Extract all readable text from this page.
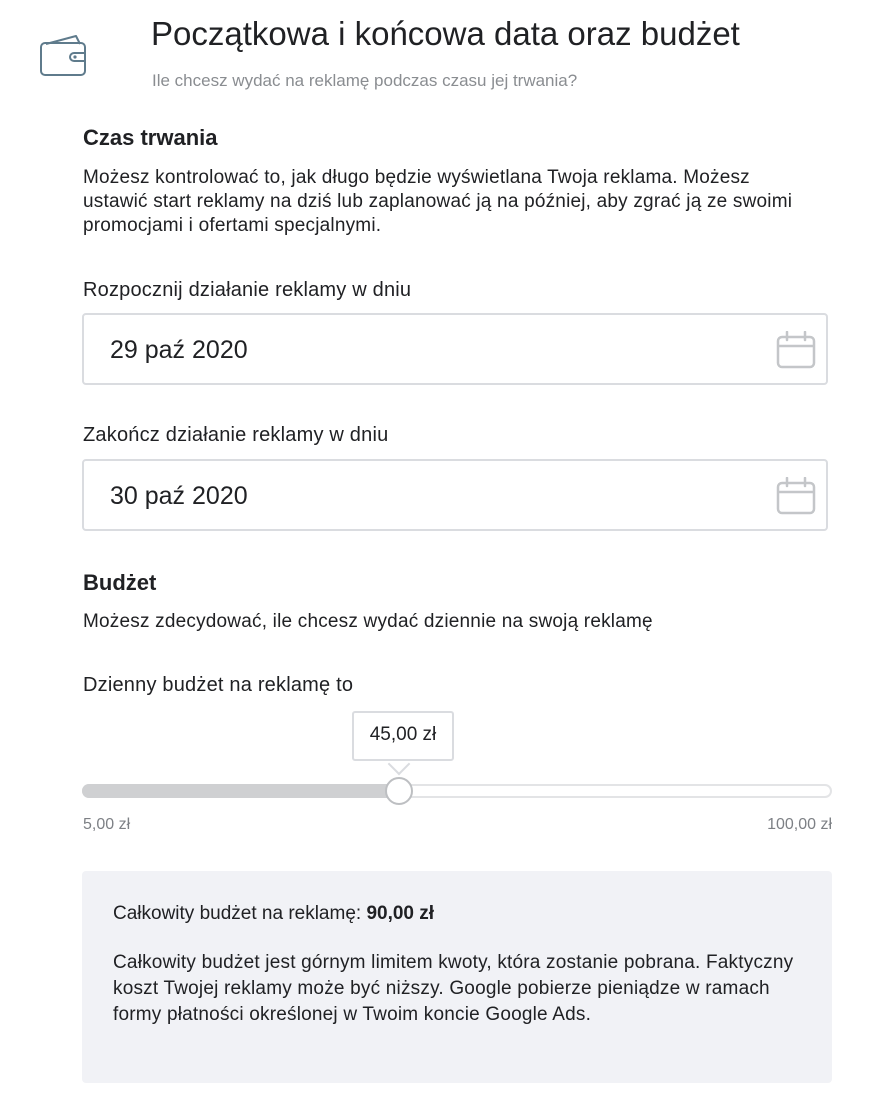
Początkowa i końcowa data oraz budżet
Ile chcesz wydać na reklamę podczas czasu jej trwania?
Czas trwania
Możesz kontrolować to, jak długo będzie wyświetlana Twoja reklama. Możesz ustawić start reklamy na dziś lub zaplanować ją na później, aby zgrać ją ze swoimi promocjami i ofertami specjalnymi.
Rozpocznij działanie reklamy w dniu
29 paź 2020
Zakończ działanie reklamy w dniu
30 paź 2020
Budżet
Możesz zdecydować, ile chcesz wydać dziennie na swoją reklamę
Dzienny budżet na reklamę to
45,00 zł
5,00 zł	100,00 zł
Całkowity budżet na reklamę: 90,00 zł
Całkowity budżet jest górnym limitem kwoty, która zostanie pobrana. Faktyczny koszt Twojej reklamy może być niższy. Google pobierze pieniądze w ramach formy płatności określonej w Twoim koncie Google Ads.
